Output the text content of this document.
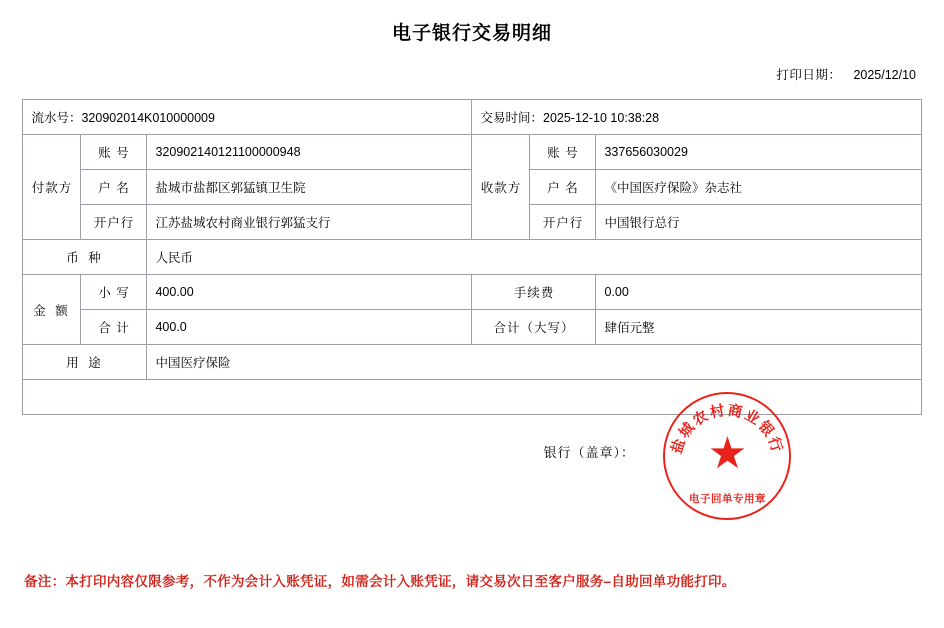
电子银行交易明细
打印日期： 2025/12/10
流水号：320902014K010000009			交易时间：2025-12-10 10:38:28		
付款方	账 号	320902140121100000948	收款方	账 号	337656030029
	户 名	盐城市盐都区郭猛镇卫生院		户 名	《中国医疗保险》杂志社
	开户行	江苏盐城农村商业银行郭猛支行		开户行	中国银行总行
币 种		人民币			
金 额	小 写	400.00	手续费		0.00
	合 计	400.0	合计（大写）		肆佰元整
用 途		中国医疗保险			

银行（盖章）： 盐城农村商业银行
★
电子回单专用章					
备注：本打印内容仅限参考，不作为会计入账凭证，如需会计入账凭证，请交易次日至客户服务–自助回单功能打印。
